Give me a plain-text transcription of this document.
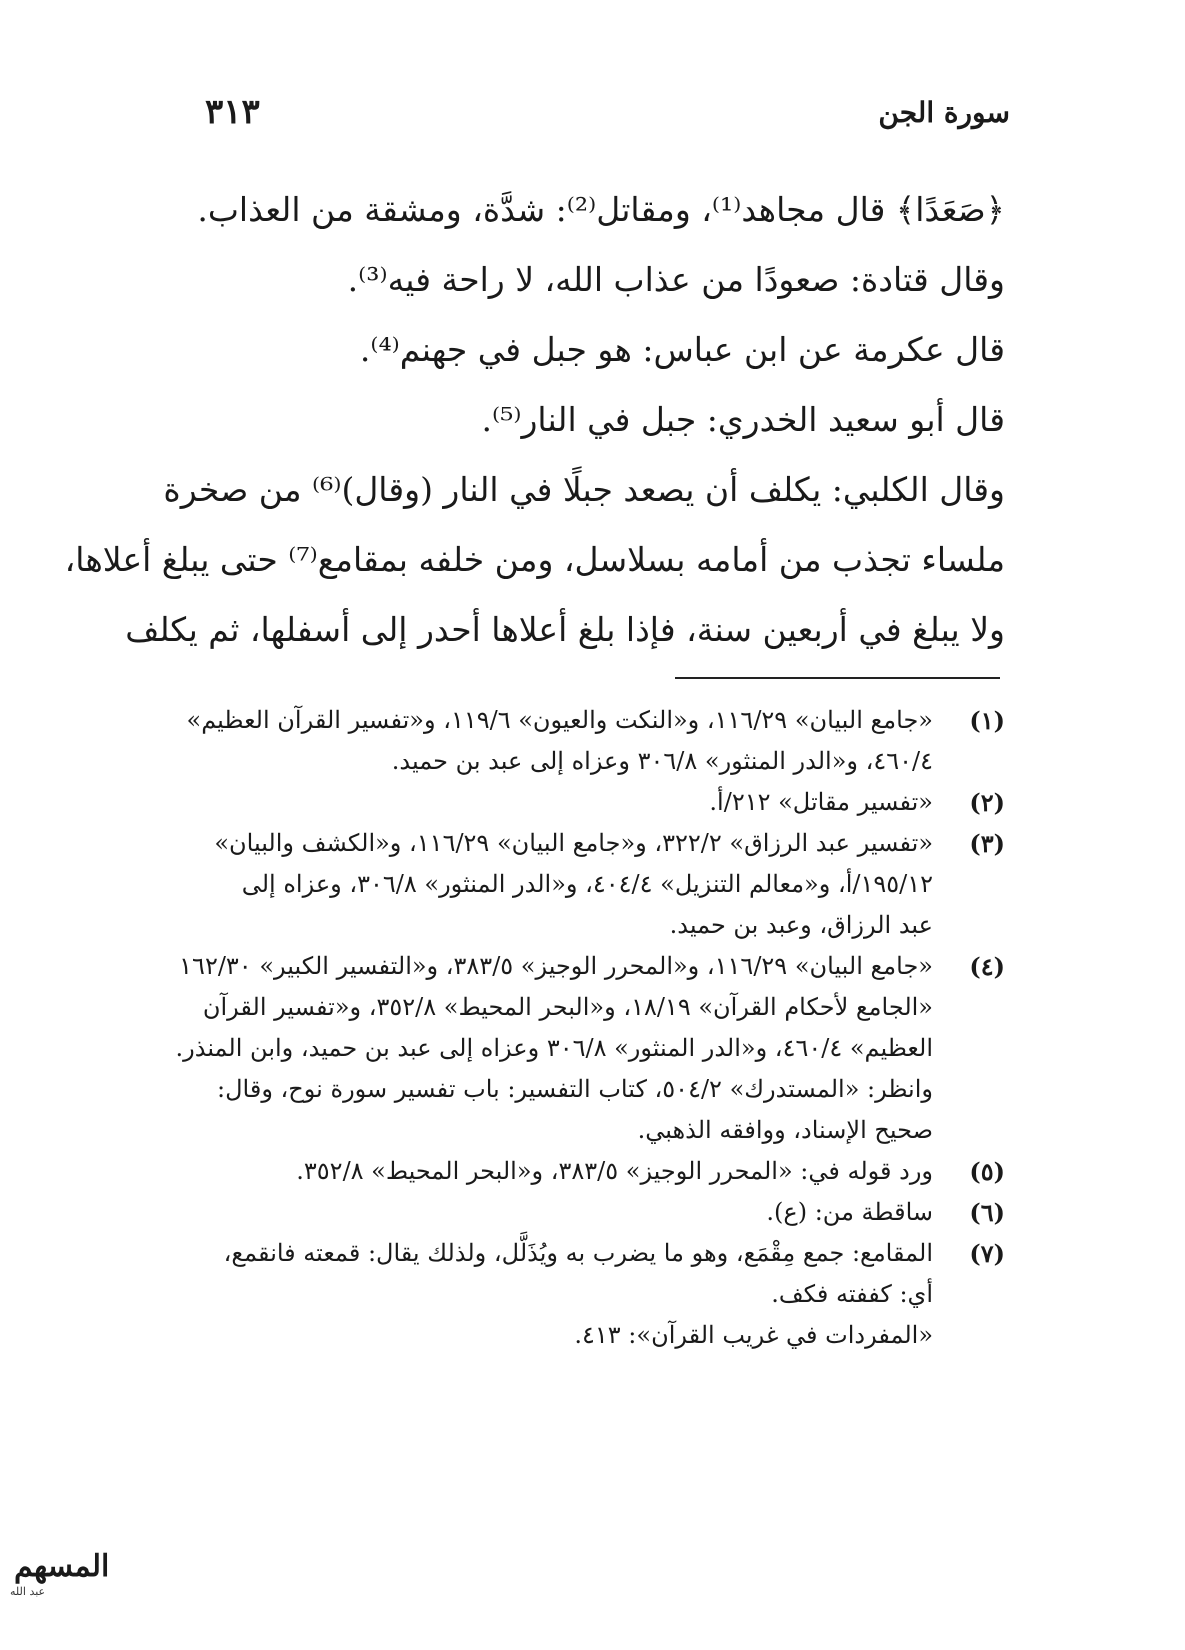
سورة الجن
٣١٣
﴿صَعَدًا﴾ قال مجاهد⁽¹⁾، ومقاتل⁽²⁾: شدَّة، ومشقة من العذاب.
وقال قتادة: صعودًا من عذاب الله، لا راحة فيه⁽³⁾.
قال عكرمة عن ابن عباس: هو جبل في جهنم⁽⁴⁾.
قال أبو سعيد الخدري: جبل في النار⁽⁵⁾.
وقال الكلبي: يكلف أن يصعد جبلًا في النار (وقال)⁽⁶⁾ من صخرة
ملساء تجذب من أمامه بسلاسل، ومن خلفه بمقامع⁽⁷⁾ حتى يبلغ أعلاها،
ولا يبلغ في أربعين سنة، فإذا بلغ أعلاها أحدر إلى أسفلها، ثم يكلف
(١)
«جامع البيان» ١١٦/٢٩، و«النكت والعيون» ١١٩/٦، و«تفسير القرآن العظيم»
٤٦٠/٤، و«الدر المنثور» ٣٠٦/٨ وعزاه إلى عبد بن حميد.
(٢)
«تفسير مقاتل» ٢١٢/أ.
(٣)
«تفسير عبد الرزاق» ٣٢٢/٢، و«جامع البيان» ١١٦/٢٩، و«الكشف والبيان»
١٩٥/١٢/أ، و«معالم التنزيل» ٤٠٤/٤، و«الدر المنثور» ٣٠٦/٨، وعزاه إلى
عبد الرزاق، وعبد بن حميد.
(٤)
«جامع البيان» ١١٦/٢٩، و«المحرر الوجيز» ٣٨٣/٥، و«التفسير الكبير» ١٦٢/٣٠
«الجامع لأحكام القرآن» ١٨/١٩، و«البحر المحيط» ٣٥٢/٨، و«تفسير القرآن
العظيم» ٤٦٠/٤، و«الدر المنثور» ٣٠٦/٨ وعزاه إلى عبد بن حميد، وابن المنذر.
وانظر: «المستدرك» ٥٠٤/٢، كتاب التفسير: باب تفسير سورة نوح، وقال:
صحيح الإسناد، ووافقه الذهبي.
(٥)
ورد قوله في: «المحرر الوجيز» ٣٨٣/٥، و«البحر المحيط» ٣٥٢/٨.
(٦)
ساقطة من: (ع).
(٧)
المقامع: جمع مِقْمَع، وهو ما يضرب به ويُذَلَّل، ولذلك يقال: قمعته فانقمع،
أي: كففته فكف.
«المفردات في غريب القرآن»: ٤١٣.
المسهم
عبد الله
